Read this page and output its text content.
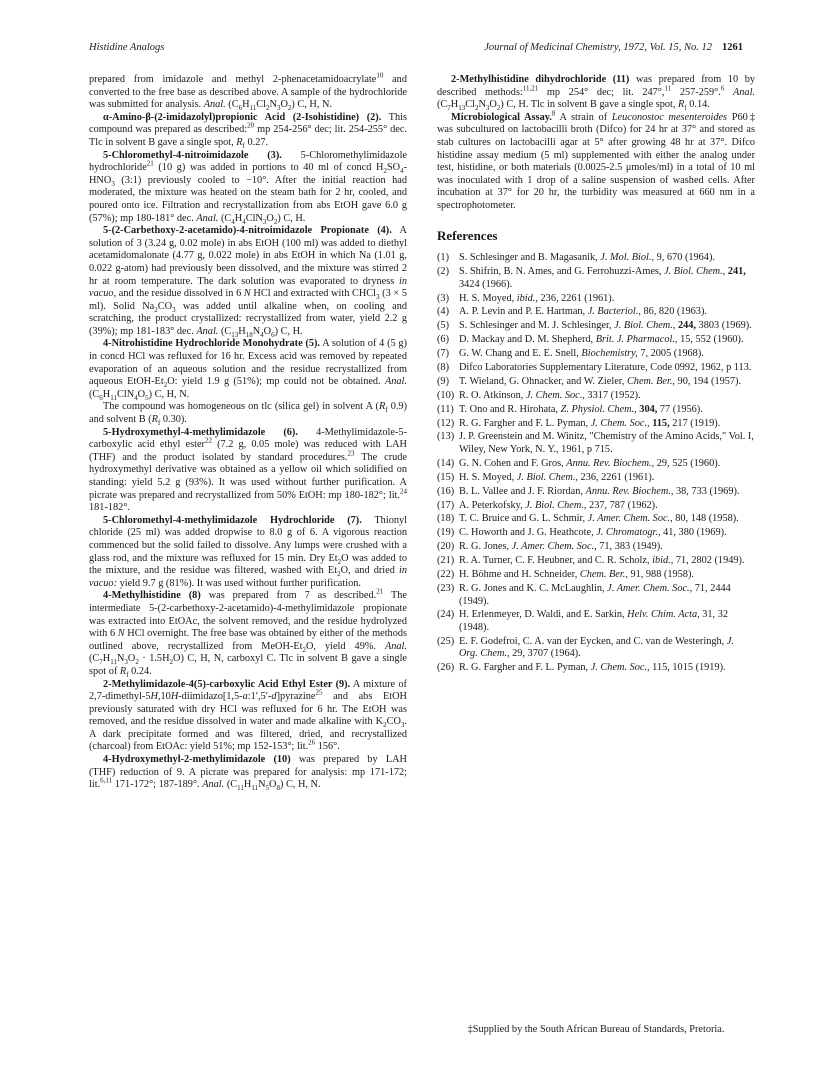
Histidine Analogs	Journal of Medicinal Chemistry, 1972, Vol. 15, No. 12 1261

prepared from imidazole and methyl 2-phenacetamidoacrylate$^{10}$ and converted to the free base as described above. A sample of the hydrochloride was submitted for analysis. Anal. $(C_6H_{11}Cl_2N_3O_2)$ C, H, N.

α-Amino-β-(2-imidazolyl)propionic Acid (2-Isohistidine) (2). This compound was prepared as described:$^{20}$ mp 254-256° dec; lit. 254-255° dec. Tlc in solvent B gave a single spot, $R_f$ 0.27.

5-Chloromethyl-4-nitroimidazole (3). 5-Chloromethylimidazole hydrochloride$^{21}$ (10 g) was added in portions to 40 ml of concd $H_2SO_4-HNO_3$ (3:1) previously cooled to −10°. After the initial reaction had moderated, the mixture was heated on the steam bath for 2 hr, cooled, and poured onto ice. Filtration and recrystallization from abs EtOH gave 6.0 g (57%); mp 180-181° dec. Anal. $(C_4H_4ClN_3O_2)$ C, H.

5-(2-Carbethoxy-2-acetamido)-4-nitroimidazole Propionate (4). A solution of 3 (3.24 g, 0.02 mole) in abs EtOH (100 ml) was added to diethyl acetamidomalonate (4.77 g, 0.022 mole) in abs EtOH in which Na (1.01 g, 0.022 g-atom) had previously been dissolved, and the mixture was stirred 2 hr at room temperature. The dark solution was evaporated to dryness in vacuo, and the residue dissolved in 6 N HCl and extracted with CHCl$_3$ (3 × 5 ml). Solid $Na_2CO_3$ was added until alkaline when, on cooling and scratching, the product crystallized: recrystallized from water, yield 2.2 g (39%); mp 181-183° dec. Anal. $(C_{13}H_{18}N_4O_6)$ C, H.

4-Nitrohistidine Hydrochloride Monohydrate (5). A solution of 4 (5 g) in concd HCl was refluxed for 16 hr. Excess acid was removed by repeated evaporation of an aqueous solution and the residue recrystallized from aqueous EtOH-$Et_2O$: yield 1.9 g (51%); mp could not be obtained. Anal. $(C_6H_{11}ClN_4O_5)$ C, H, N.

The compound was homogeneous on tlc (silica gel) in solvent A ($R_f$ 0.9) and solvent B ($R_f$ 0.30).

5-Hydroxymethyl-4-methylimidazole (6). 4-Methylimidazole-5-carboxylic acid ethyl ester$^{22}$ (7.2 g, 0.05 mole) was reduced with LAH (THF) and the product isolated by standard procedures.$^{23}$ The crude hydroxymethyl derivative was obtained as a yellow oil which solidified on standing: yield 5.2 g (93%). It was used without further purification. A picrate was prepared and recrystallized from 50% EtOH: mp 180-182°; lit.$^{24}$ 181-182°.

5-Chloromethyl-4-methylimidazole Hydrochloride (7). Thionyl chloride (25 ml) was added dropwise to 8.0 g of 6. A vigorous reaction commenced but the solid failed to dissolve. Any lumps were crushed with a glass rod, and the mixture was refluxed for 15 min. Dry $Et_2O$ was added to the mixture, and the residue was filtered, washed with $Et_2O$, and dried in vacuo: yield 9.7 g (81%). It was used without further purification.

4-Methylhistidine (8) was prepared from 7 as described.$^{21}$ The intermediate 5-(2-carbethoxy-2-acetamido)-4-methylimidazole propionate was extracted into EtOAc, the solvent removed, and the residue hydrolyzed with 6 N HCl overnight. The free base was obtained by either of the methods outlined above, recrystallized from MeOH-$Et_2O$, yield 49%. Anal. $(C_7H_{11}N_3O_2 \cdot 1.5H_2O)$ C, H, N, carboxyl C. Tlc in solvent B gave a single spot of $R_f$ 0.24.

2-Methylimidazole-4(5)-carboxylic Acid Ethyl Ester (9). A mixture of 2,7-dimethyl-5H,10H-diimidazo[1,5-a:1′,5′-d]pyrazine$^{25}$ and abs EtOH previously saturated with dry HCl was refluxed for 6 hr. The EtOH was removed, and the residue dissolved in water and made alkaline with $K_2CO_3$. A dark precipitate formed and was filtered, dried, and recrystallized (charcoal) from EtOAc: yield 51%; mp 152-153°; lit.$^{26}$ 156°.

4-Hydroxymethyl-2-methylimidazole (10) was prepared by LAH (THF) reduction of 9. A picrate was prepared for analysis: mp 171-172; lit.$^{6,11}$ 171-172°; 187-189°. Anal. $(C_{11}H_{11}N_5O_8)$ C, H, N.

2-Methylhistidine dihydrochloride (11) was prepared from 10 by described methods:$^{11,21}$ mp 254° dec; lit. 247°,$^{11}$ 257-259°.$^6$ Anal. $(C_7H_{13}Cl_2N_3O_2)$ C, H. Tlc in solvent B gave a single spot, $R_f$ 0.14.

Microbiological Assay.$^8$ A strain of Leuconostoc mesenteroides P60‡ was subcultured on lactobacilli broth (Difco) for 24 hr at 37° and stored as stab cultures on lactobacilli agar at 5° after growing 48 hr at 37°. Difco histidine assay medium (5 ml) supplemented with either the analog under test, histidine, or both materials (0.0025-2.5 μmoles/ml) in a total of 10 ml was inoculated with 1 drop of a saline suspension of washed cells. After incubation at 37° for 20 hr, the turbidity was measured at 660 nm in a spectrophotometer.

References
(1) S. Schlesinger and B. Magasanik, J. Mol. Biol., 9, 670 (1964).
(2) S. Shifrin, B. N. Ames, and G. Ferrohuzzi-Ames, J. Biol. Chem., 241, 3424 (1966).
(3) H. S. Moyed, ibid., 236, 2261 (1961).
(4) A. P. Levin and P. E. Hartman, J. Bacteriol., 86, 820 (1963).
(5) S. Schlesinger and M. J. Schlesinger, J. Biol. Chem., 244, 3803 (1969).
(6) D. Mackay and D. M. Shepherd, Brit. J. Pharmacol., 15, 552 (1960).
(7) G. W. Chang and E. E. Snell, Biochemistry, 7, 2005 (1968).
(8) Difco Laboratories Supplementary Literature, Code 0992, 1962, p 113.
(9) T. Wieland, G. Ohnacker, and W. Zieler, Chem. Ber., 90, 194 (1957).
(10) R. O. Atkinson, J. Chem. Soc., 3317 (1952).
(11) T. Ono and R. Hirohata, Z. Physiol. Chem., 304, 77 (1956).
(12) R. G. Fargher and F. L. Pyman, J. Chem. Soc., 115, 217 (1919).
(13) J. P. Greenstein and M. Winitz, "Chemistry of the Amino Acids," Vol. I, Wiley, New York, N. Y., 1961, p 715.
(14) G. N. Cohen and F. Gros, Annu. Rev. Biochem., 29, 525 (1960).
(15) H. S. Moyed, J. Biol. Chem., 236, 2261 (1961).
(16) B. L. Vallee and J. F. Riordan, Annu. Rev. Biochem., 38, 733 (1969).
(17) A. Peterkofsky, J. Biol. Chem., 237, 787 (1962).
(18) T. C. Bruice and G. L. Schmir, J. Amer. Chem. Soc., 80, 148 (1958).
(19) C. Howorth and J. G. Heathcote, J. Chromatogr., 41, 380 (1969).
(20) R. G. Jones, J. Amer. Chem. Soc., 71, 383 (1949).
(21) R. A. Turner, C. F. Heubner, and C. R. Scholz, ibid., 71, 2802 (1949).
(22) H. Böhme and H. Schneider, Chem. Ber., 91, 988 (1958).
(23) R. G. Jones and K. C. McLaughlin, J. Amer. Chem. Soc., 71, 2444 (1949).
(24) H. Erlenmeyer, D. Waldi, and E. Sarkin, Helv. Chim. Acta, 31, 32 (1948).
(25) E. F. Godefroi, C. A. van der Eycken, and C. van de Westeringh, J. Org. Chem., 29, 3707 (1964).
(26) R. G. Fargher and F. L. Pyman, J. Chem. Soc., 115, 1015 (1919).
‡Supplied by the South African Bureau of Standards, Pretoria.
